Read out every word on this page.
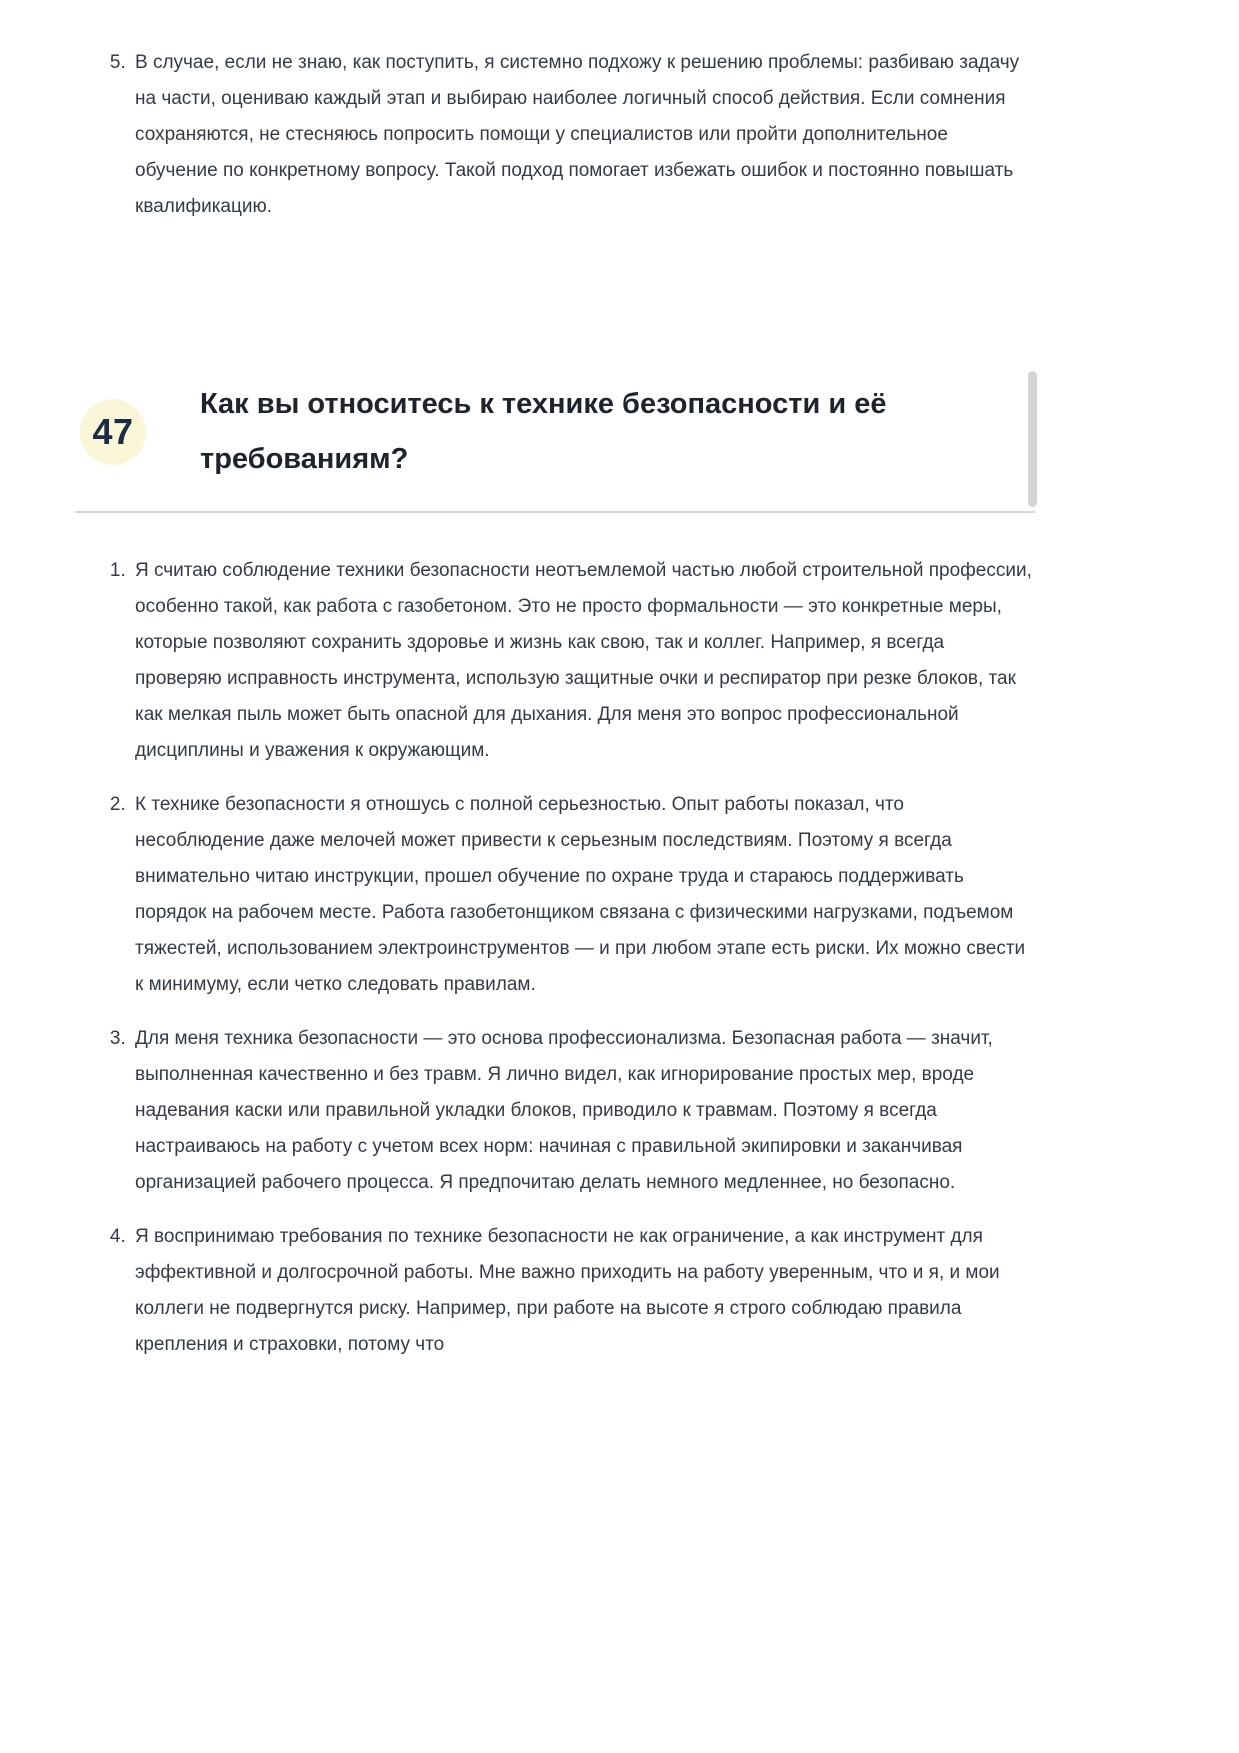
5. В случае, если не знаю, как поступить, я системно подхожу к решению проблемы: разбиваю задачу на части, оцениваю каждый этап и выбираю наиболее логичный способ действия. Если сомнения сохраняются, не стесняюсь попросить помощи у специалистов или пройти дополнительное обучение по конкретному вопросу. Такой подход помогает избежать ошибок и постоянно повышать квалификацию.
47
Как вы относитесь к технике безопасности и её требованиям?
1. Я считаю соблюдение техники безопасности неотъемлемой частью любой строительной профессии, особенно такой, как работа с газобетоном. Это не просто формальности — это конкретные меры, которые позволяют сохранить здоровье и жизнь как свою, так и коллег. Например, я всегда проверяю исправность инструмента, использую защитные очки и респиратор при резке блоков, так как мелкая пыль может быть опасной для дыхания. Для меня это вопрос профессиональной дисциплины и уважения к окружающим.
2. К технике безопасности я отношусь с полной серьезностью. Опыт работы показал, что несоблюдение даже мелочей может привести к серьезным последствиям. Поэтому я всегда внимательно читаю инструкции, прошел обучение по охране труда и стараюсь поддерживать порядок на рабочем месте. Работа газобетонщиком связана с физическими нагрузками, подъемом тяжестей, использованием электроинструментов — и при любом этапе есть риски. Их можно свести к минимуму, если четко следовать правилам.
3. Для меня техника безопасности — это основа профессионализма. Безопасная работа — значит, выполненная качественно и без травм. Я лично видел, как игнорирование простых мер, вроде надевания каски или правильной укладки блоков, приводило к травмам. Поэтому я всегда настраиваюсь на работу с учетом всех норм: начиная с правильной экипировки и заканчивая организацией рабочего процесса. Я предпочитаю делать немного медленнее, но безопасно.
4. Я воспринимаю требования по технике безопасности не как ограничение, а как инструмент для эффективной и долгосрочной работы. Мне важно приходить на работу уверенным, что и я, и мои коллеги не подвергнутся риску. Например, при работе на высоте я строго соблюдаю правила крепления и страховки, потому что
